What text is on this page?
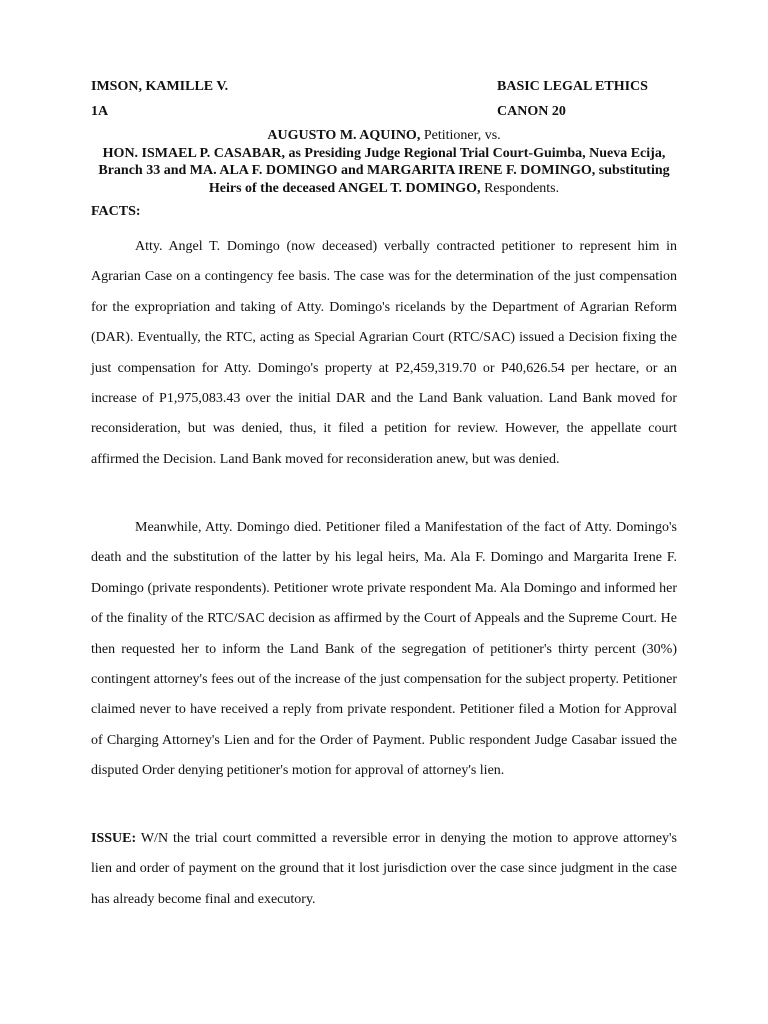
IMSON, KAMILLE V.	BASIC LEGAL ETHICS
1A	CANON 20
AUGUSTO M. AQUINO, Petitioner, vs.
HON. ISMAEL P. CASABAR, as Presiding Judge Regional Trial Court-Guimba, Nueva Ecija, Branch 33 and MA. ALA F. DOMINGO and MARGARITA IRENE F. DOMINGO, substituting Heirs of the deceased ANGEL T. DOMINGO, Respondents.
FACTS:

Atty. Angel T. Domingo (now deceased) verbally contracted petitioner to represent him in Agrarian Case on a contingency fee basis. The case was for the determination of the just compensation for the expropriation and taking of Atty. Domingo's ricelands by the Department of Agrarian Reform (DAR). Eventually, the RTC, acting as Special Agrarian Court (RTC/SAC) issued a Decision fixing the just compensation for Atty. Domingo's property at P2,459,319.70 or P40,626.54 per hectare, or an increase of P1,975,083.43 over the initial DAR and the Land Bank valuation. Land Bank moved for reconsideration, but was denied, thus, it filed a petition for review. However, the appellate court affirmed the Decision. Land Bank moved for reconsideration anew, but was denied.

Meanwhile, Atty. Domingo died. Petitioner filed a Manifestation of the fact of Atty. Domingo's death and the substitution of the latter by his legal heirs, Ma. Ala F. Domingo and Margarita Irene F. Domingo (private respondents). Petitioner wrote private respondent Ma. Ala Domingo and informed her of the finality of the RTC/SAC decision as affirmed by the Court of Appeals and the Supreme Court. He then requested her to inform the Land Bank of the segregation of petitioner's thirty percent (30%) contingent attorney's fees out of the increase of the just compensation for the subject property. Petitioner claimed never to have received a reply from private respondent. Petitioner filed a Motion for Approval of Charging Attorney's Lien and for the Order of Payment. Public respondent Judge Casabar issued the disputed Order denying petitioner's motion for approval of attorney's lien.

ISSUE: W/N the trial court committed a reversible error in denying the motion to approve attorney's lien and order of payment on the ground that it lost jurisdiction over the case since judgment in the case has already become final and executory.
